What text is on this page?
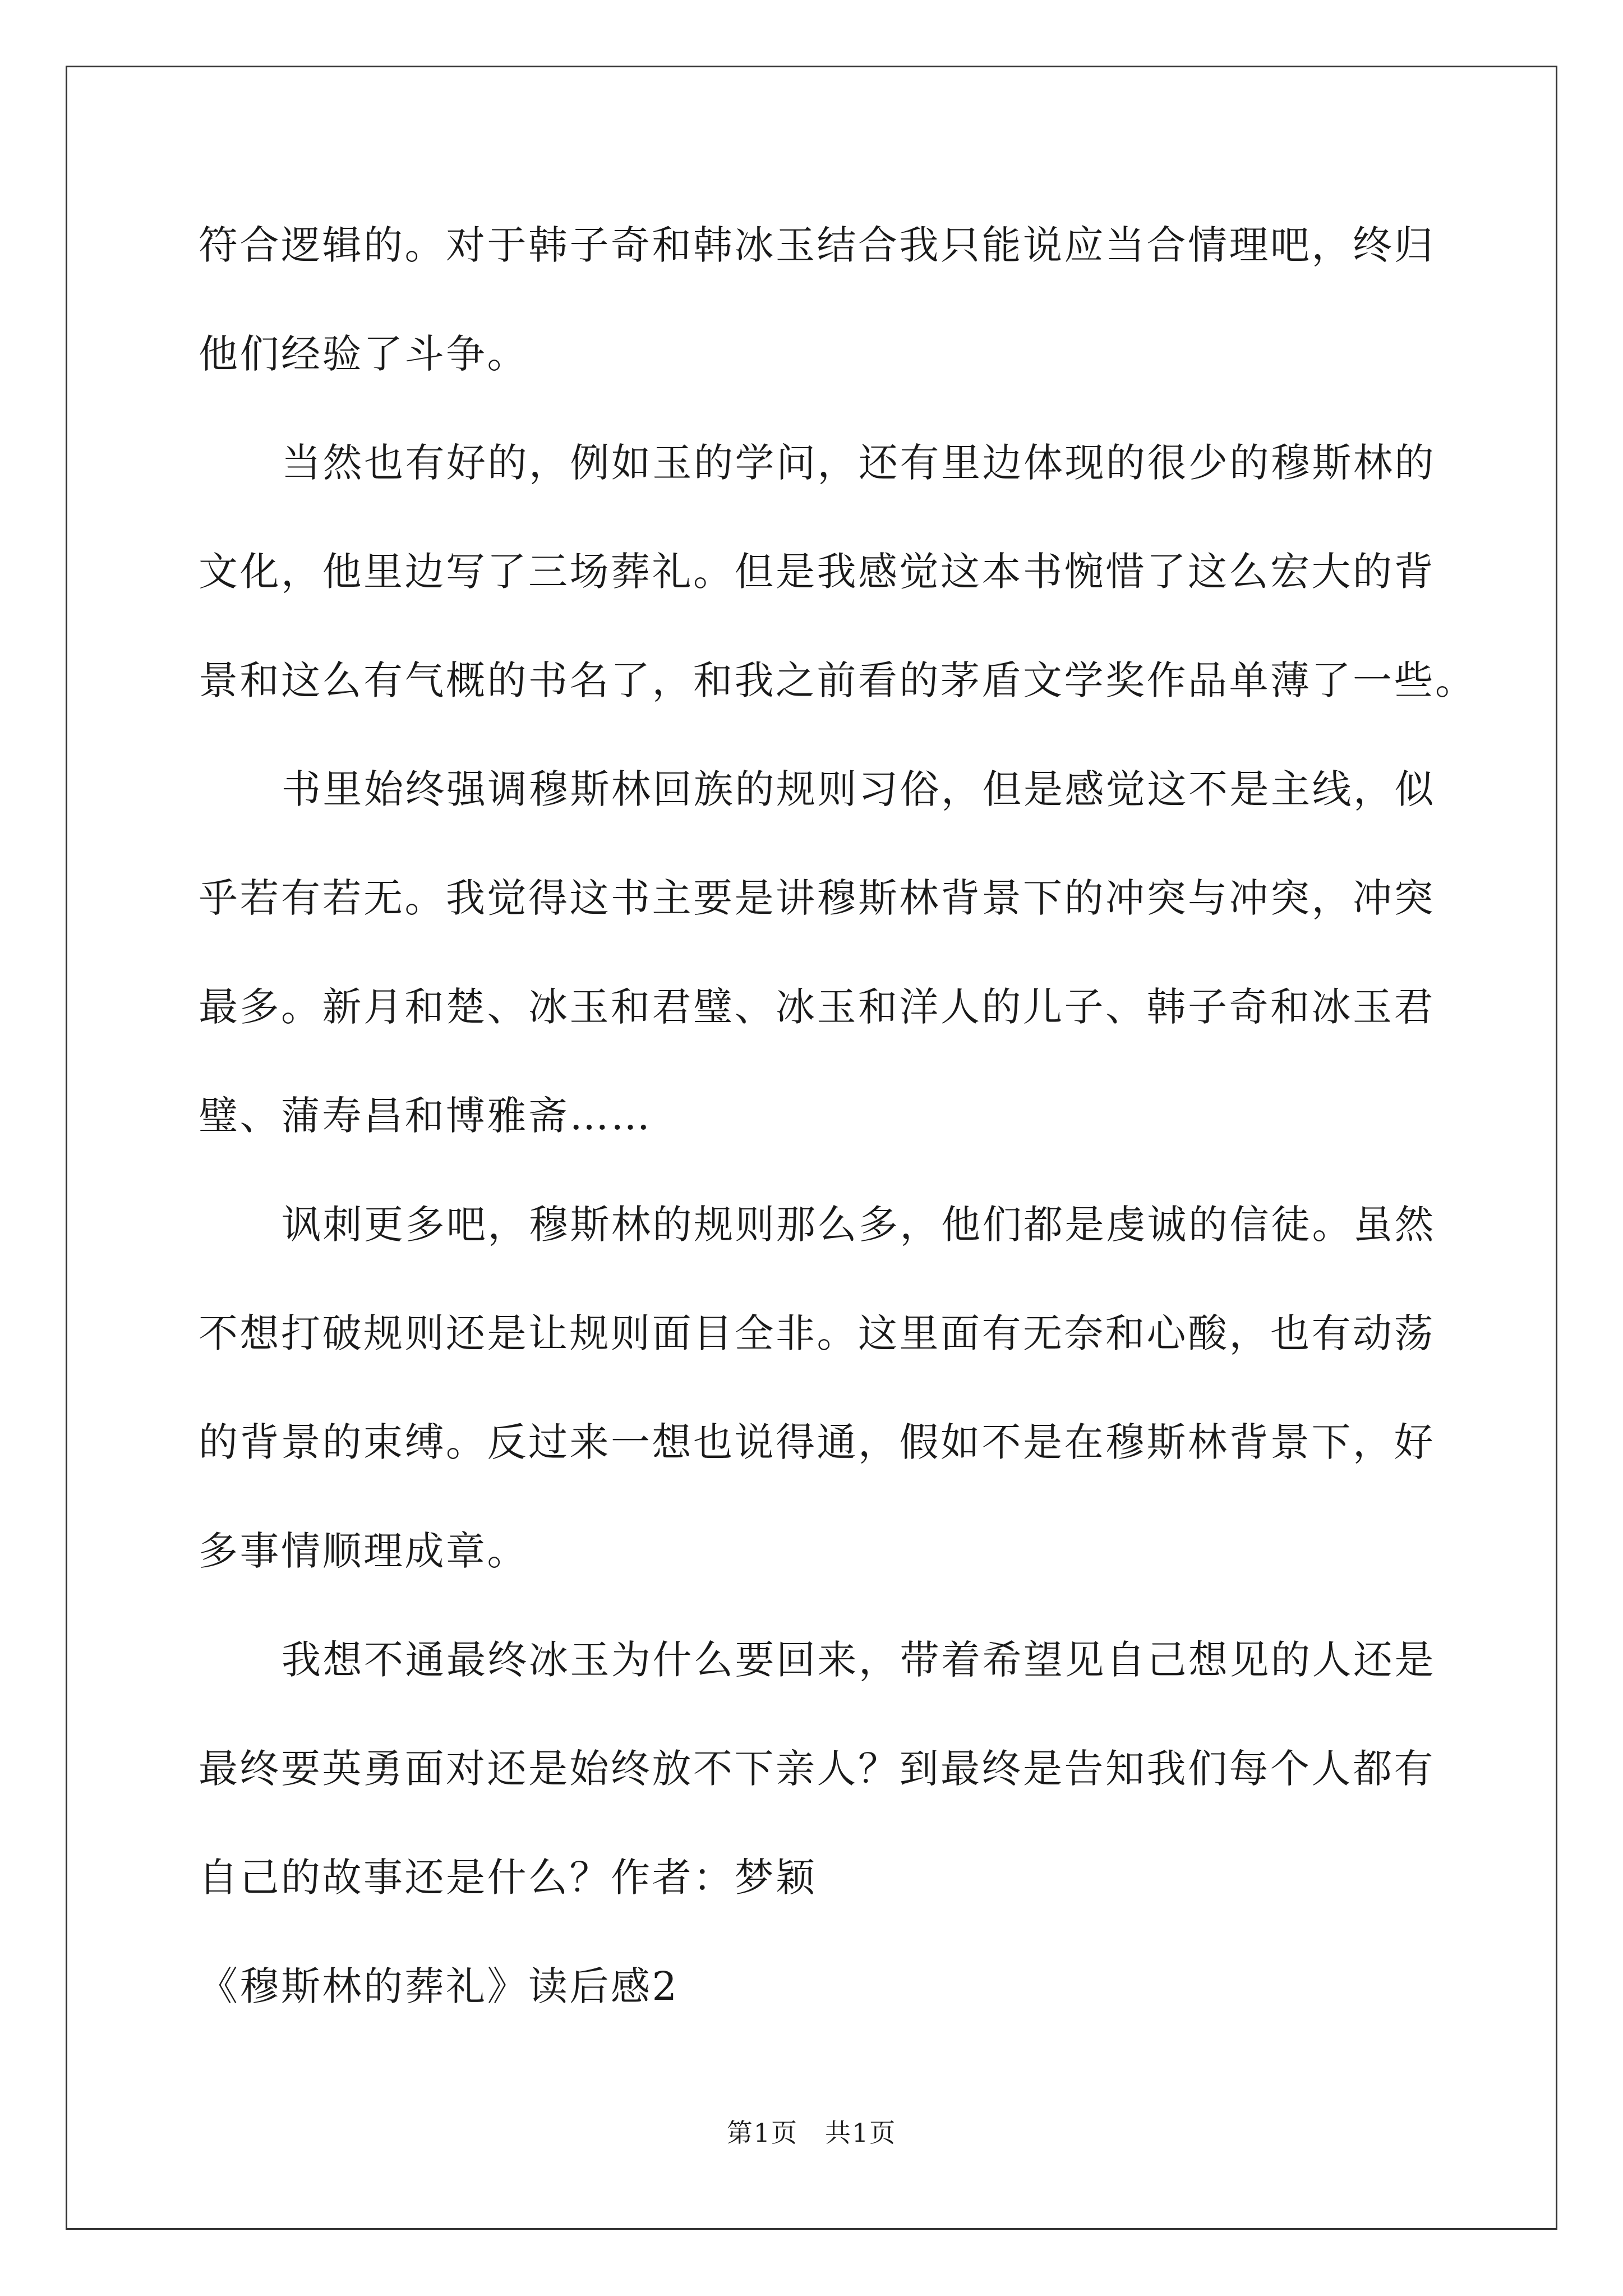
符合逻辑的。对于韩子奇和韩冰玉结合我只能说应当合情理吧，终归
他们经验了斗争。
当然也有好的，例如玉的学问，还有里边体现的很少的穆斯林的
文化，他里边写了三场葬礼。但是我感觉这本书惋惜了这么宏大的背
景和这么有气概的书名了，和我之前看的茅盾文学奖作品单薄了一些。
书里始终强调穆斯林回族的规则习俗，但是感觉这不是主线，似
乎若有若无。我觉得这书主要是讲穆斯林背景下的冲突与冲突，冲突
最多。新月和楚、冰玉和君璧、冰玉和洋人的儿子、韩子奇和冰玉君
璧、蒲寿昌和博雅斋……
讽刺更多吧，穆斯林的规则那么多，他们都是虔诚的信徒。虽然
不想打破规则还是让规则面目全非。这里面有无奈和心酸，也有动荡
的背景的束缚。反过来一想也说得通，假如不是在穆斯林背景下，好
多事情顺理成章。
我想不通最终冰玉为什么要回来，带着希望见自己想见的人还是
最终要英勇面对还是始终放不下亲人？到最终是告知我们每个人都有
自己的故事还是什么？作者：梦颖
《穆斯林的葬礼》读后感2
第1页 共1页
